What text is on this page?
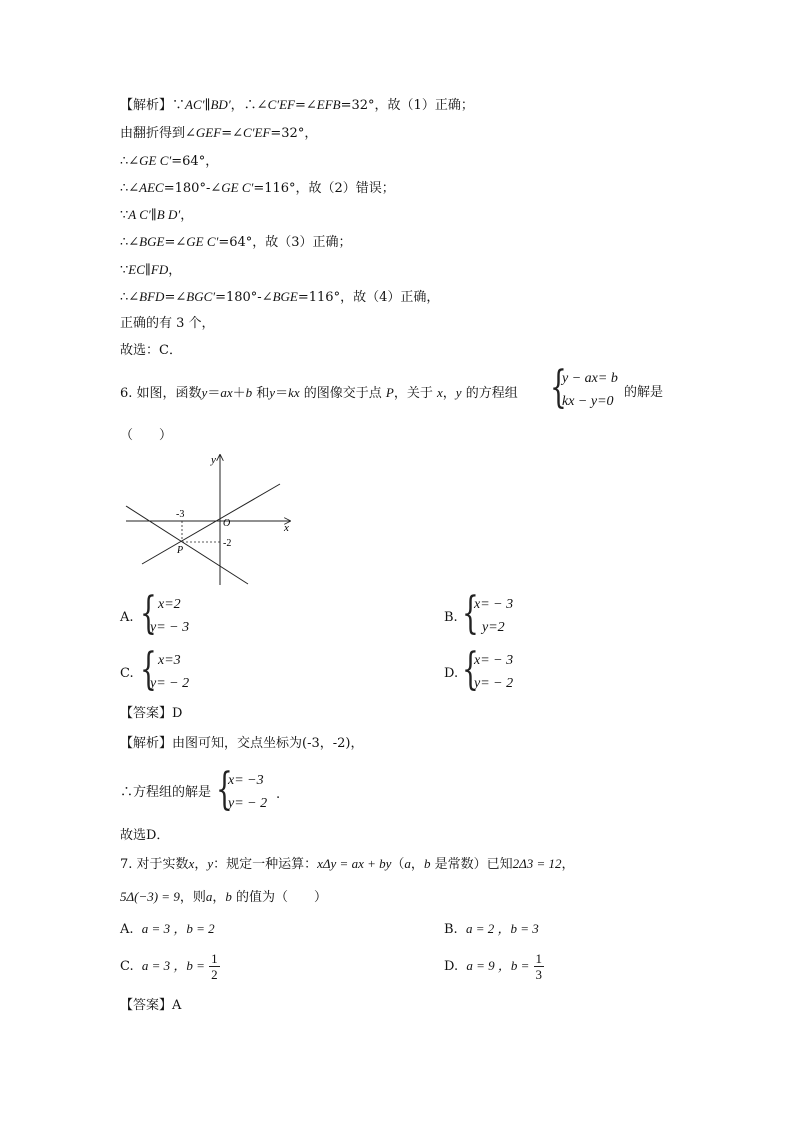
【解析】∵AC′∥BD′，∴∠C′EF=∠EFB=32°，故（1）正确；
由翻折得到∠GEF=∠C′EF=32°，
∴∠GE C′=64°，
∴∠AEC=180°-∠GE C′=116°，故（2）错误；
∵A C′∥B D′，
∴∠BGE=∠GE C′=64°，故（3）正确；
∵EC∥FD，
∴∠BFD=∠BGC′=180°-∠BGE=116°，故（4）正确，
正确的有 3 个，
故选：C．
6. 如图，函数y＝ax＋b 和y＝kx 的图像交于点 P，关于 x，y 的方程组 {
y − ax= b
kx − y=0
的解是
（　　）
y
x
O
-3
-2
P
A. { x=2
y= − 3
B. {
x= − 3
y=2
C. { x=3
y= − 2
D. {
x= − 3
y= − 2
【答案】D
【解析】由图可知，交点坐标为(-3，-2)，
∴方程组的解是 {
x= −3
y= − 2
.
故选D．
7. 对于实数x，y：规定一种运算：xΔy = ax + by（a，b 是常数）已知2Δ3 = 12，
5Δ(−3) = 9，则a，b 的值为（　　）
A. a = 3 ，b = 2	B. a = 2 ，b = 3
C. a = 3 ，$b = \frac{1}{2}$	D. a = 9 ，$b = \frac{1}{3}$
【答案】A
